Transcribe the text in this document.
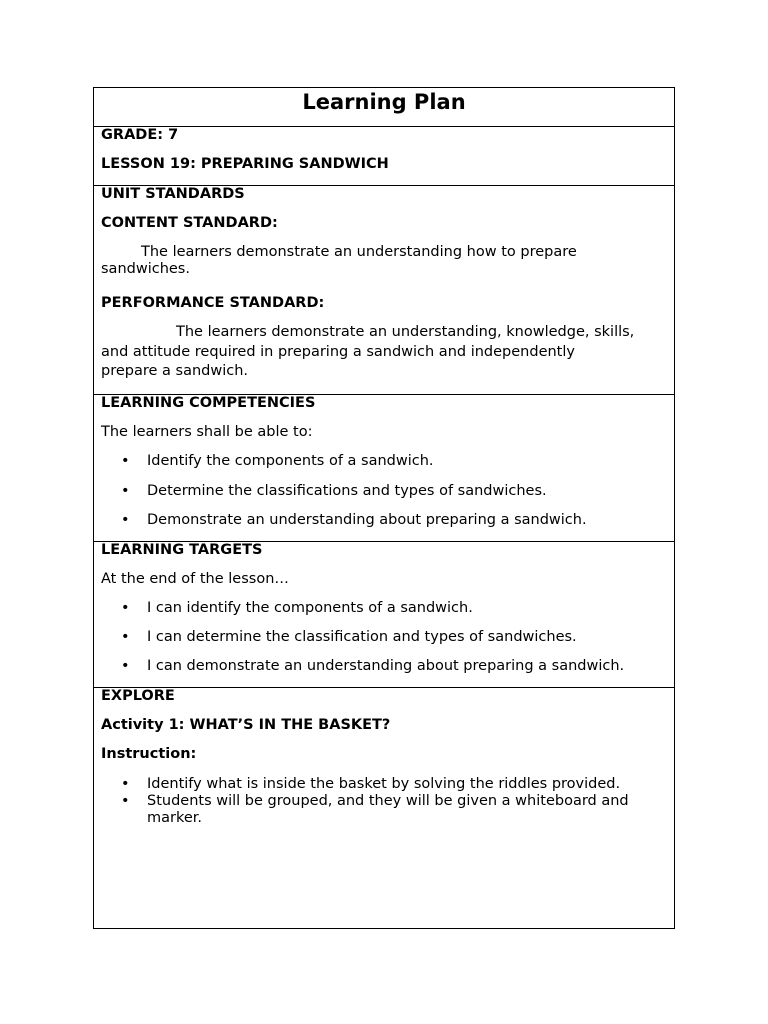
Learning Plan
GRADE: 7
LESSON 19: PREPARING SANDWICH
UNIT STANDARDS
CONTENT STANDARD:
The learners demonstrate an understanding how to prepare
sandwiches.
PERFORMANCE STANDARD:
The learners demonstrate an understanding, knowledge, skills,
and attitude required in preparing a sandwich and independently
prepare a sandwich.
LEARNING COMPETENCIES
The learners shall be able to:
• Identify the components of a sandwich.
• Determine the classifications and types of sandwiches.
• Demonstrate an understanding about preparing a sandwich.
LEARNING TARGETS
At the end of the lesson…
• I can identify the components of a sandwich.
• I can determine the classification and types of sandwiches.
• I can demonstrate an understanding about preparing a sandwich.
EXPLORE
Activity 1: WHAT’S IN THE BASKET?
Instruction:
• Identify what is inside the basket by solving the riddles provided.
• Students will be grouped, and they will be given a whiteboard and marker.
